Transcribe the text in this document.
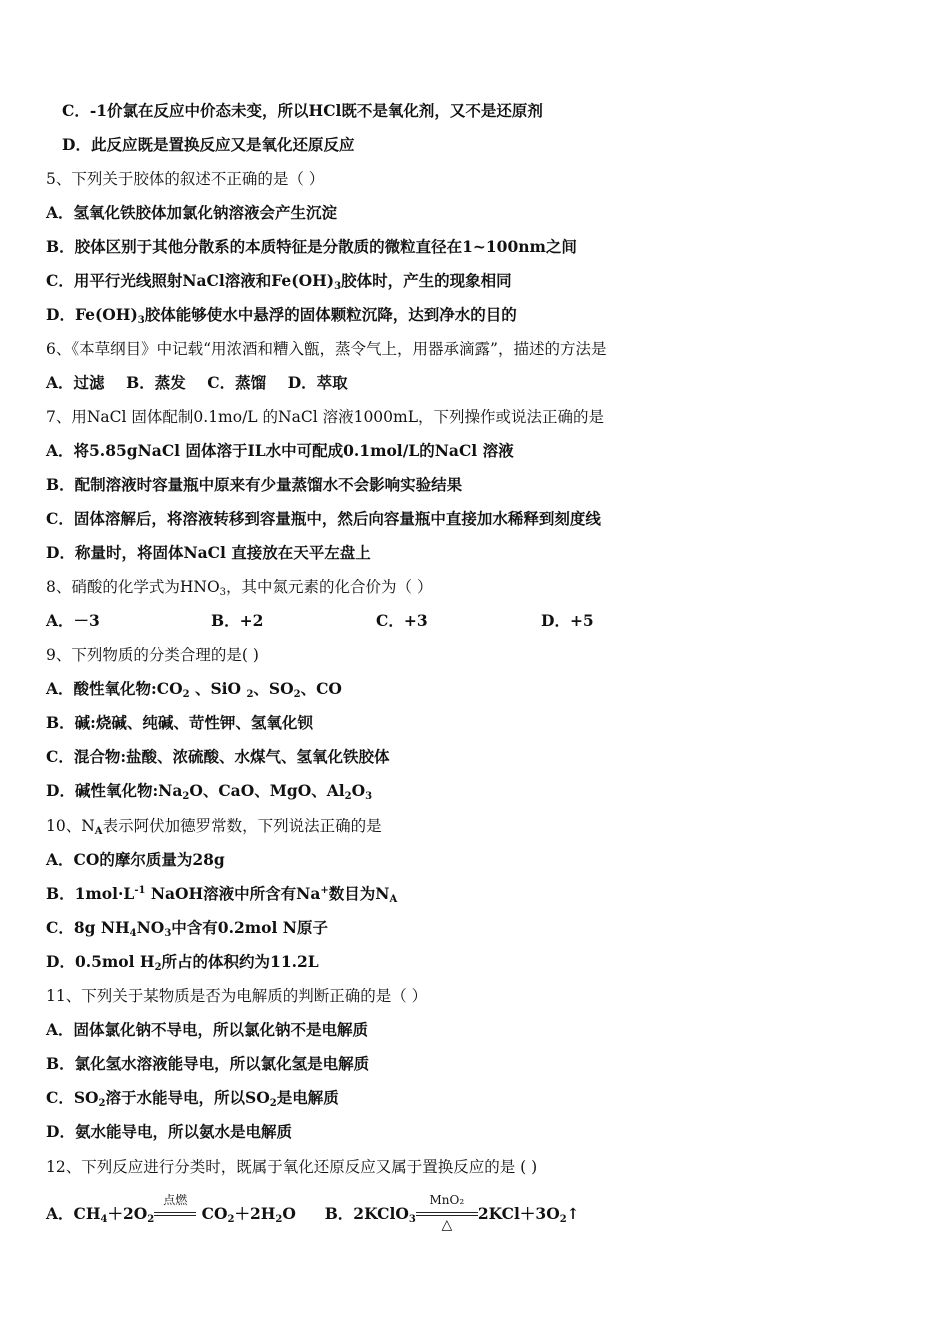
C．-1价氯在反应中价态未变，所以HCl既不是氧化剂，又不是还原剂
D．此反应既是置换反应又是氧化还原反应
5、下列关于胶体的叙述不正确的是（ ）
A．氢氧化铁胶体加氯化钠溶液会产生沉淀
B．胶体区别于其他分散系的本质特征是分散质的微粒直径在1~100nm之间
C．用平行光线照射NaCl溶液和$Fe(OH)_3$胶体时，产生的现象相同
D．$Fe(OH)_3$胶体能够使水中悬浮的固体颗粒沉降，达到净水的目的
6、《本草纲目》中记载“用浓酒和糟入甑，蒸令气上，用器承滴露”，描述的方法是
A．过滤    B．蒸发    C．蒸馏    D．萃取
7、用NaCl 固体配制0.1mo/L 的NaCl 溶液1000mL，下列操作或说法正确的是
A．将5.85gNaCl 固体溶于IL水中可配成0.1mol/L的NaCl 溶液
B．配制溶液时容量瓶中原来有少量蒸馏水不会影响实验结果
C．固体溶解后，将溶液转移到容量瓶中，然后向容量瓶中直接加水稀释到刻度线
D．称量时，将固体NaCl 直接放在天平左盘上
8、硝酸的化学式为$HNO_3$，其中氮元素的化合价为（ ）
A．－3	B．+2	C．+3	D．+5
9、下列物质的分类合理的是( )
A．酸性氧化物$:CO_2$ 、SiO $_2$、$SO_2$、CO
B．碱:烧碱、纯碱、苛性钾、氢氧化钡
C．混合物:盐酸、浓硫酸、水煤气、氢氧化铁胶体
D．碱性氧化物$:Na_2O$、CaO、MgO、$Al_2O_3$
10、$N_A$表示阿伏加德罗常数，下列说法正确的是
A．CO的摩尔质量为28g
B．$1mol\cdot L^{-1}$ NaOH溶液中所含有Na+数目为$N_A$
C．8g $NH_4NO_3$中含有0.2mol N原子
D．0.5mol $H_2$所占的体积约为11.2L
11、下列关于某物质是否为电解质的判断正确的是（ ）
A．固体氯化钠不导电，所以氯化钠不是电解质
B．氯化氢水溶液能导电，所以氯化氢是电解质
C．$SO_2$溶于水能导电，所以$SO_2$是电解质
D．氨水能导电，所以氨水是电解质
12、下列反应进行分类时，既属于氧化还原反应又属于置换反应的是 ( )
A．$CH_4+2O_2$
点燃
$CO_2+2H_2O$ B．2KClO$_3$
MnO₂
△
$2KCl+3O_2↑$
